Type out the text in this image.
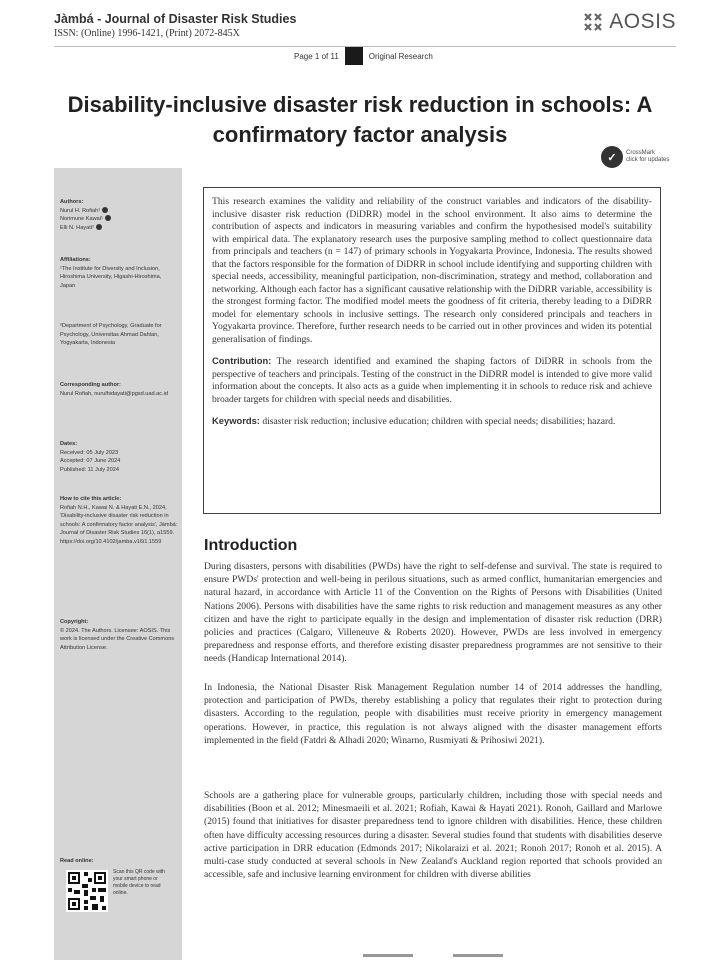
Jàmbá - Journal of Disaster Risk Studies
ISSN: (Online) 1996-1421, (Print) 2072-845X
AOSIS
Page 1 of 11	Original Research
Disability-inclusive disaster risk reduction in schools: A confirmatory factor analysis
✓	CrossMark
click for updates

Authors:

Nurul H. Rofiah¹

Norimune Kawai¹

Elli N. Hayati²

Affiliations:

¹The Institute for Diversity and Inclusion, Hiroshima University, Higashi-Hiroshima, Japan

²Department of Psychology, Graduate for Psychology, Universitas Ahmad Dahlan, Yogyakarta, Indonesia

Corresponding author:

Nurul Rofiah, nurulhidayati@pgsd.uad.ac.id

Dates:

Received: 05 July 2023

Accepted: 07 June 2024

Published: 11 July 2024

How to cite this article:

Rofiah N.H., Kawai N. & Hayati E.N., 2024, 'Disability-inclusive disaster risk reduction in schools: A confirmatory factor analysis', Jàmbá: Journal of Disaster Risk Studies 16(1), a1559. https://doi.org/10.4102/jamba.v16i1.1559

Copyright:

© 2024. The Authors. Licensee: AOSIS. This work is licensed under the Creative Commons Attribution License.

Read online:

Scan this QR code with your smart phone or mobile device to read online.

This research examines the validity and reliability of the construct variables and indicators of the disability-inclusive disaster risk reduction (DiDRR) model in the school environment. It also aims to determine the contribution of aspects and indicators in measuring variables and confirm the hypothesised model's suitability with empirical data. The explanatory research uses the purposive sampling method to collect questionnaire data from principals and teachers (n = 147) of primary schools in Yogyakarta Province, Indonesia. The results showed that the factors responsible for the formation of DiDRR in school include identifying and supporting children with special needs, accessibility, meaningful participation, non-discrimination, strategy and method, collaboration and networking. Although each factor has a significant causative relationship with the DiDRR variable, accessibility is the strongest forming factor. The modified model meets the goodness of fit criteria, thereby leading to a DiDRR model for elementary schools in inclusive settings. The research only considered principals and teachers in Yogyakarta province. Therefore, further research needs to be carried out in other provinces and widen its potential generalisation of findings.

Contribution: The research identified and examined the shaping factors of DiDRR in schools from the perspective of teachers and principals. Testing of the construct in the DiDRR model is intended to give more valid information about the concepts. It also acts as a guide when implementing it in schools to reduce risk and achieve broader targets for children with special needs and disabilities.

Keywords: disaster risk reduction; inclusive education; children with special needs; disabilities; hazard.

Introduction

During disasters, persons with disabilities (PWDs) have the right to self-defense and survival. The state is required to ensure PWDs' protection and well-being in perilous situations, such as armed conflict, humanitarian emergencies and natural hazard, in accordance with Article 11 of the Convention on the Rights of Persons with Disabilities (United Nations 2006). Persons with disabilities have the same rights to risk reduction and management measures as any other citizen and have the right to participate equally in the design and implementation of disaster risk reduction (DRR) policies and practices (Calgaro, Villeneuve & Roberts 2020). However, PWDs are less involved in emergency preparedness and response efforts, and therefore existing disaster preparedness programmes are not sensitive to their needs (Handicap International 2014).

In Indonesia, the National Disaster Risk Management Regulation number 14 of 2014 addresses the handling, protection and participation of PWDs, thereby establishing a policy that regulates their right to protection during disasters. According to the regulation, people with disabilities must receive priority in emergency management operations. However, in practice, this regulation is not always aligned with the disaster management efforts implemented in the field (Fatdri & Alhadi 2020; Winarno, Rusmiyati & Prihosiwi 2021).

Schools are a gathering place for vulnerable groups, particularly children, including those with special needs and disabilities (Boon et al. 2012; Minesmaeili et al. 2021; Rofiah, Kawai & Hayati 2021). Ronoh, Gaillard and Marlowe (2015) found that initiatives for disaster preparedness tend to ignore children with disabilities. Hence, these children often have difficulty accessing resources during a disaster. Several studies found that students with disabilities deserve active participation in DRR education (Edmonds 2017; Nikolaraizi et al. 2021; Ronoh 2017; Ronoh et al. 2015). A multi-case study conducted at several schools in New Zealand's Auckland region reported that schools provided an accessible, safe and inclusive learning environment for children with diverse abilities
